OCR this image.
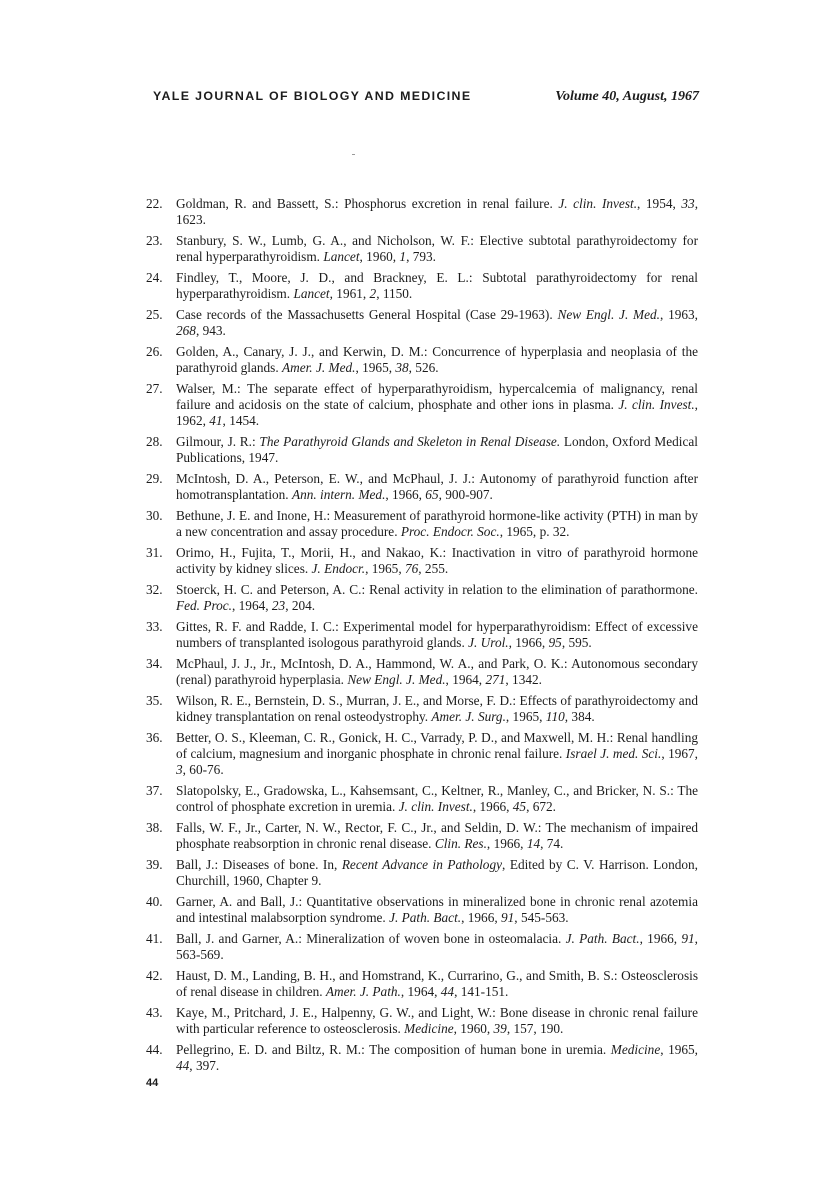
YALE JOURNAL OF BIOLOGY AND MEDICINE	Volume 40, August, 1967
22.	Goldman, R. and Bassett, S.: Phosphorus excretion in renal failure. J. clin. Invest., 1954, 33, 1623.
23.	Stanbury, S. W., Lumb, G. A., and Nicholson, W. F.: Elective subtotal parathyroidectomy for renal hyperparathyroidism. Lancet, 1960, 1, 793.
24.	Findley, T., Moore, J. D., and Brackney, E. L.: Subtotal parathyroidectomy for renal hyperparathyroidism. Lancet, 1961, 2, 1150.
25.	Case records of the Massachusetts General Hospital (Case 29-1963). New Engl. J. Med., 1963, 268, 943.
26.	Golden, A., Canary, J. J., and Kerwin, D. M.: Concurrence of hyperplasia and neoplasia of the parathyroid glands. Amer. J. Med., 1965, 38, 526.
27.	Walser, M.: The separate effect of hyperparathyroidism, hypercalcemia of malignancy, renal failure and acidosis on the state of calcium, phosphate and other ions in plasma. J. clin. Invest., 1962, 41, 1454.
28.	Gilmour, J. R.: The Parathyroid Glands and Skeleton in Renal Disease. London, Oxford Medical Publications, 1947.
29.	McIntosh, D. A., Peterson, E. W., and McPhaul, J. J.: Autonomy of parathyroid function after homotransplantation. Ann. intern. Med., 1966, 65, 900-907.
30.	Bethune, J. E. and Inone, H.: Measurement of parathyroid hormone-like activity (PTH) in man by a new concentration and assay procedure. Proc. Endocr. Soc., 1965, p. 32.
31.	Orimo, H., Fujita, T., Morii, H., and Nakao, K.: Inactivation in vitro of parathyroid hormone activity by kidney slices. J. Endocr., 1965, 76, 255.
32.	Stoerck, H. C. and Peterson, A. C.: Renal activity in relation to the elimination of parathormone. Fed. Proc., 1964, 23, 204.
33.	Gittes, R. F. and Radde, I. C.: Experimental model for hyperparathyroidism: Effect of excessive numbers of transplanted isologous parathyroid glands. J. Urol., 1966, 95, 595.
34.	McPhaul, J. J., Jr., McIntosh, D. A., Hammond, W. A., and Park, O. K.: Autonomous secondary (renal) parathyroid hyperplasia. New Engl. J. Med., 1964, 271, 1342.
35.	Wilson, R. E., Bernstein, D. S., Murran, J. E., and Morse, F. D.: Effects of parathyroidectomy and kidney transplantation on renal osteodystrophy. Amer. J. Surg., 1965, 110, 384.
36.	Better, O. S., Kleeman, C. R., Gonick, H. C., Varrady, P. D., and Maxwell, M. H.: Renal handling of calcium, magnesium and inorganic phosphate in chronic renal failure. Israel J. med. Sci., 1967, 3, 60-76.
37.	Slatopolsky, E., Gradowska, L., Kahsemsant, C., Keltner, R., Manley, C., and Bricker, N. S.: The control of phosphate excretion in uremia. J. clin. Invest., 1966, 45, 672.
38.	Falls, W. F., Jr., Carter, N. W., Rector, F. C., Jr., and Seldin, D. W.: The mechanism of impaired phosphate reabsorption in chronic renal disease. Clin. Res., 1966, 14, 74.
39.	Ball, J.: Diseases of bone. In, Recent Advance in Pathology, Edited by C. V. Harrison. London, Churchill, 1960, Chapter 9.
40.	Garner, A. and Ball, J.: Quantitative observations in mineralized bone in chronic renal azotemia and intestinal malabsorption syndrome. J. Path. Bact., 1966, 91, 545-563.
41.	Ball, J. and Garner, A.: Mineralization of woven bone in osteomalacia. J. Path. Bact., 1966, 91, 563-569.
42.	Haust, D. M., Landing, B. H., and Homstrand, K., Currarino, G., and Smith, B. S.: Osteosclerosis of renal disease in children. Amer. J. Path., 1964, 44, 141-151.
43.	Kaye, M., Pritchard, J. E., Halpenny, G. W., and Light, W.: Bone disease in chronic renal failure with particular reference to osteosclerosis. Medicine, 1960, 39, 157, 190.
44.	Pellegrino, E. D. and Biltz, R. M.: The composition of human bone in uremia. Medicine, 1965, 44, 397.
44
